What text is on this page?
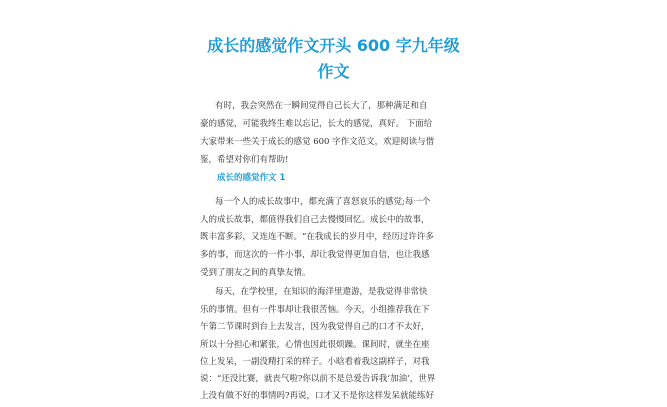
成长的感觉作文开头 600 字九年级
作文

有时，我会突然在一瞬间觉得自己长大了，那种满足和自

豪的感觉，可能我终生难以忘记，长大的感觉，真好。 下面给

大家带来一些关于成长的感觉 600 字作文范文，欢迎阅读与借

鉴，希望对你们有帮助!

成长的感觉作文 1

每一个人的成长故事中，都充满了喜怒哀乐的感觉;每一个

人的成长故事，都值得我们自己去慢慢回忆。成长中的故事，

既丰富多彩，又连连不断。“在我成长的岁月中，经历过许许多

多的事，而这次的一件小事，却让我觉得更加自信，也让我感

受到了朋友之间的真挚友情。

每天，在学校里，在知识的海洋里遨游，是我觉得非常快

乐的事情。但有一件事却让我很苦恼。今天，小组推荐我在下

午第二节课时到台上去发言，因为我觉得自己的口才不太好，

所以十分担心和紧张，心情也因此很烦躁。课间时，就坐在座

位上发呆，一副没精打采的样子。小晗看着我这副样子，对我

说：“还没比赛，就丧气啦?你以前不是总爱告诉我‘加油’，世界

上没有做不好的事情吗?再说，口才又不是你这样发呆就能练好
